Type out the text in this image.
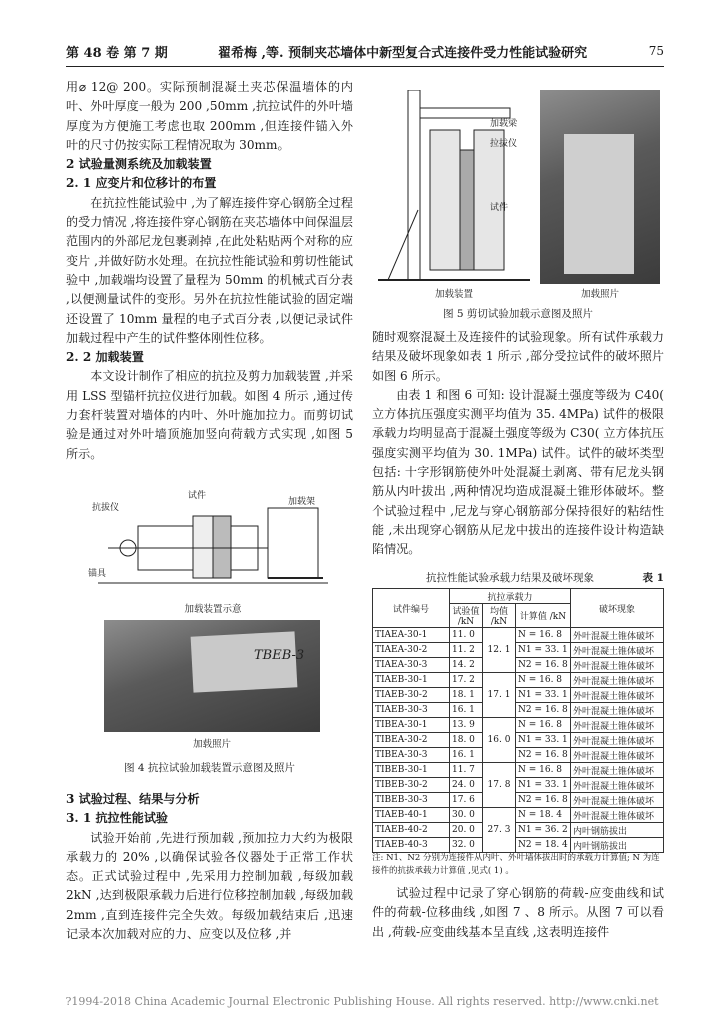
第 48 卷 第 7 期	翟希梅 ,等. 预制夹芯墙体中新型复合式连接件受力性能试验研究	75

用⌀ 12@ 200。实际预制混凝土夹芯保温墙体的内叶、外叶厚度一般为 200 ,50mm ,抗拉试件的外叶墙厚度为方便施工考虑也取 200mm ,但连接件锚入外叶的尺寸仍按实际工程情况取为 30mm。

2 试验量测系统及加载装置

2. 1 应变片和位移计的布置

在抗拉性能试验中 ,为了解连接件穿心钢筋全过程的受力情况 ,将连接件穿心钢筋在夹芯墙体中间保温层范围内的外部尼龙包裹剥掉 ,在此处粘贴两个对称的应变片 ,并做好防水处理。在抗拉性能试验和剪切性能试验中 ,加载端均设置了量程为 50mm 的机械式百分表 ,以便测量试件的变形。另外在抗拉性能试验的固定端还设置了 10mm 量程的电子式百分表 ,以便记录试件加载过程中产生的试件整体刚性位移。

2. 2 加载装置

本文设计制作了相应的抗拉及剪力加载装置 ,并采用 LSS 型锚杆抗拉仪进行加载。如图 4 所示 ,通过传力套杆装置对墙体的内叶、外叶施加拉力。而剪切试验是通过对外叶墙顶施加竖向荷载方式实现 ,如图 5 所示。

抗拔仪
试件
加载架
锚具
加载装置示意
TBEB-3
加载照片
图 4 抗拉试验加载装置示意图及照片

3 试验过程、结果与分析

3. 1 抗拉性能试验

试验开始前 ,先进行预加载 ,预加拉力大约为极限承载力的 20% ,以确保试验各仪器处于正常工作状态。正式试验过程中 ,先采用力控制加载 ,每级加载 2kN ,达到极限承载力后进行位移控制加载 ,每级加载 2mm ,直到连接件完全失效。每级加载结束后 ,迅速记录本次加载对应的力、应变以及位移 ,并

加载梁
拉拔仪
试件
加载装置	加载照片
图 5 剪切试验加载示意图及照片

随时观察混凝土及连接件的试验现象。所有试件承载力结果及破坏现象如表 1 所示 ,部分受拉试件的破坏照片如图 6 所示。

由表 1 和图 6 可知: 设计混凝土强度等级为 C40( 立方体抗压强度实测平均值为 35. 4MPa) 试件的极限承载力均明显高于混凝土强度等级为 C30( 立方体抗压强度实测平均值为 30. 1MPa) 试件。试件的破坏类型包括: 十字形钢筋使外叶处混凝土剥离、带有尼龙头钢筋从内叶拔出 ,两种情况均造成混凝土锥形体破坏。整个试验过程中 ,尼龙与穿心钢筋部分保持很好的粘结性能 ,未出现穿心钢筋从尼龙中拔出的连接件设计构造缺陷情况。

抗拉性能试验承载力结果及破坏现象	表 1
试件编号	抗拉承载力			破坏现象
	试验值 /kN	均值 /kN	计算值 /kN	
TIAEA-30-1	11. 0	12. 1	N = 16. 8	外叶混凝土锥体破坏
TIAEA-30-2	11. 2		N1 = 33. 1	外叶混凝土锥体破坏
TIAEA-30-3	14. 2		N2 = 16. 8	外叶混凝土锥体破坏
TIAEB-30-1	17. 2	17. 1	N = 16. 8	外叶混凝土锥体破坏
TIAEB-30-2	18. 1		N1 = 33. 1	外叶混凝土锥体破坏
TIAEB-30-3	16. 1		N2 = 16. 8	外叶混凝土锥体破坏
TIBEA-30-1	13. 9	16. 0	N = 16. 8	外叶混凝土锥体破坏
TIBEA-30-2	18. 0		N1 = 33. 1	外叶混凝土锥体破坏
TIBEA-30-3	16. 1		N2 = 16. 8	外叶混凝土锥体破坏
TIBEB-30-1	11. 7	17. 8	N = 16. 8	外叶混凝土锥体破坏
TIBEB-30-2	24. 0		N1 = 33. 1	外叶混凝土锥体破坏
TIBEB-30-3	17. 6		N2 = 16. 8	外叶混凝土锥体破坏
TIAEB-40-1	30. 0	27. 3	N = 18. 4	外叶混凝土锥体破坏
TIAEB-40-2	20. 0		N1 = 36. 2	内叶钢筋拔出
TIAEB-40-3	32. 0		N2 = 18. 4	内叶钢筋拔出
注: N1、N2 分别为连接件从内叶、外叶墙体拔出时的承载力计算值; N 为连接件的抗拔承载力计算值 ,见式( 1) 。

试验过程中记录了穿心钢筋的荷载-应变曲线和试件的荷载-位移曲线 ,如图 7 、8 所示。从图 7 可以看出 ,荷载-应变曲线基本呈直线 ,这表明连接件

?1994-2018 China Academic Journal Electronic Publishing House. All rights reserved. http://www.cnki.net
